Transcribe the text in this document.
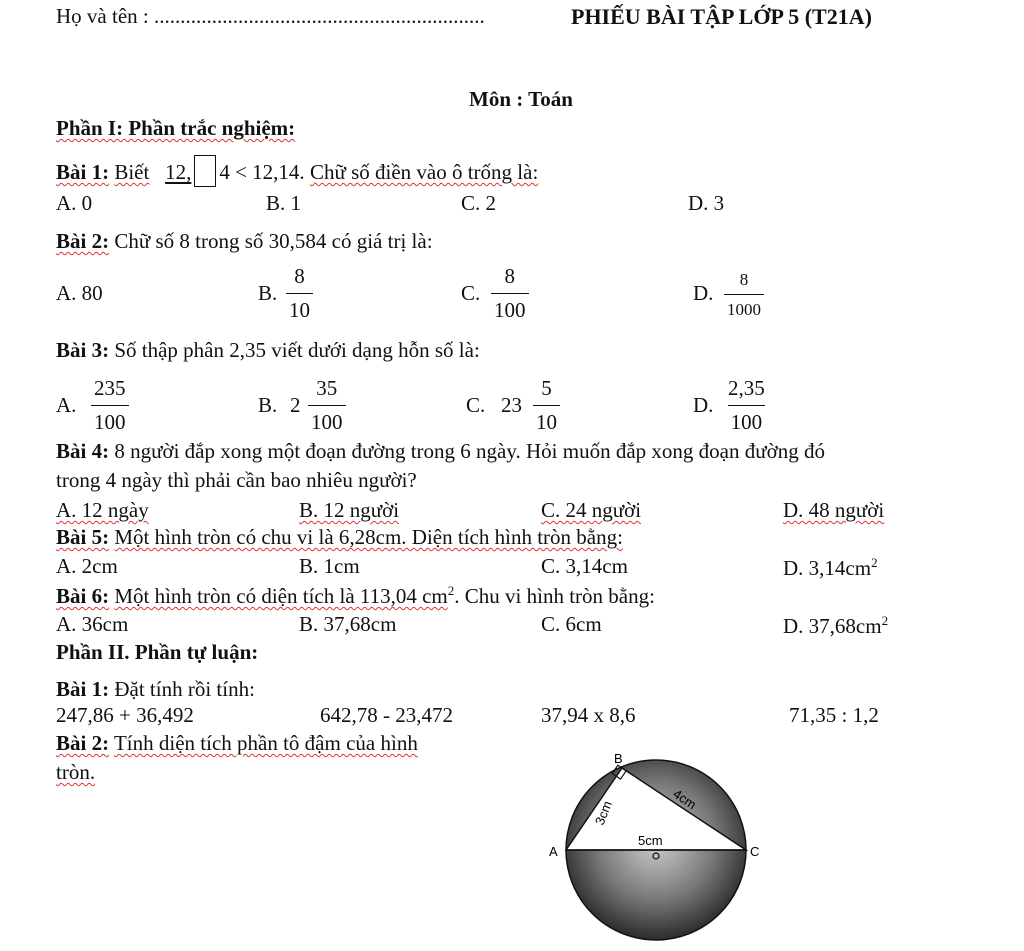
Họ và tên : ...............................................................	PHIẾU BÀI TẬP LỚP 5 (T21A)
Môn : Toán
Phần I: Phần trắc nghiệm:
Bài 1: Biết 12, 4 < 12,14. Chữ số điền vào ô trống là:
A. 0	B. 1	C. 2	D. 3
Bài 2: Chữ số 8 trong số 30,584 có giá trị là:
A. 80	B. $\frac{8}{10}$	C. $\frac{8}{100}$	D. $\frac{8}{1000}$
Bài 3: Số thập phân 2,35 viết dưới dạng hỗn số là:
A. $\frac{235}{100}$	B. $2 \frac{35}{100}$	C. $23 \frac{5}{10}$	D. $\frac{2,35}{100}$
Bài 4: 8 người đắp xong một đoạn đường trong 6 ngày. Hỏi muốn đắp xong đoạn đường đó
trong 4 ngày thì phải cần bao nhiêu người?
A. 12 ngày	B. 12 người	C. 24 người	D. 48 người
Bài 5: Một hình tròn có chu vi là 6,28cm. Diện tích hình tròn bằng:
A. 2cm	B. 1cm	C. 3,14cm	D. $3,14cm^2$
Bài 6: Một hình tròn có diện tích là 113,04 $cm^2$. Chu vi hình tròn bằng:
A. 36cm	B. 37,68cm	C. 6cm	D. $37,68cm^2$
Phần II. Phần tự luận:
Bài 1: Đặt tính rồi tính:
247,86 + 36,492	642,78 - 23,472	37,94 x 8,6	71,35 : 1,2
Bài 2: Tính diện tích phần tô đậm của hình
tròn.
A
B
C
3cm	4cm
5cm
